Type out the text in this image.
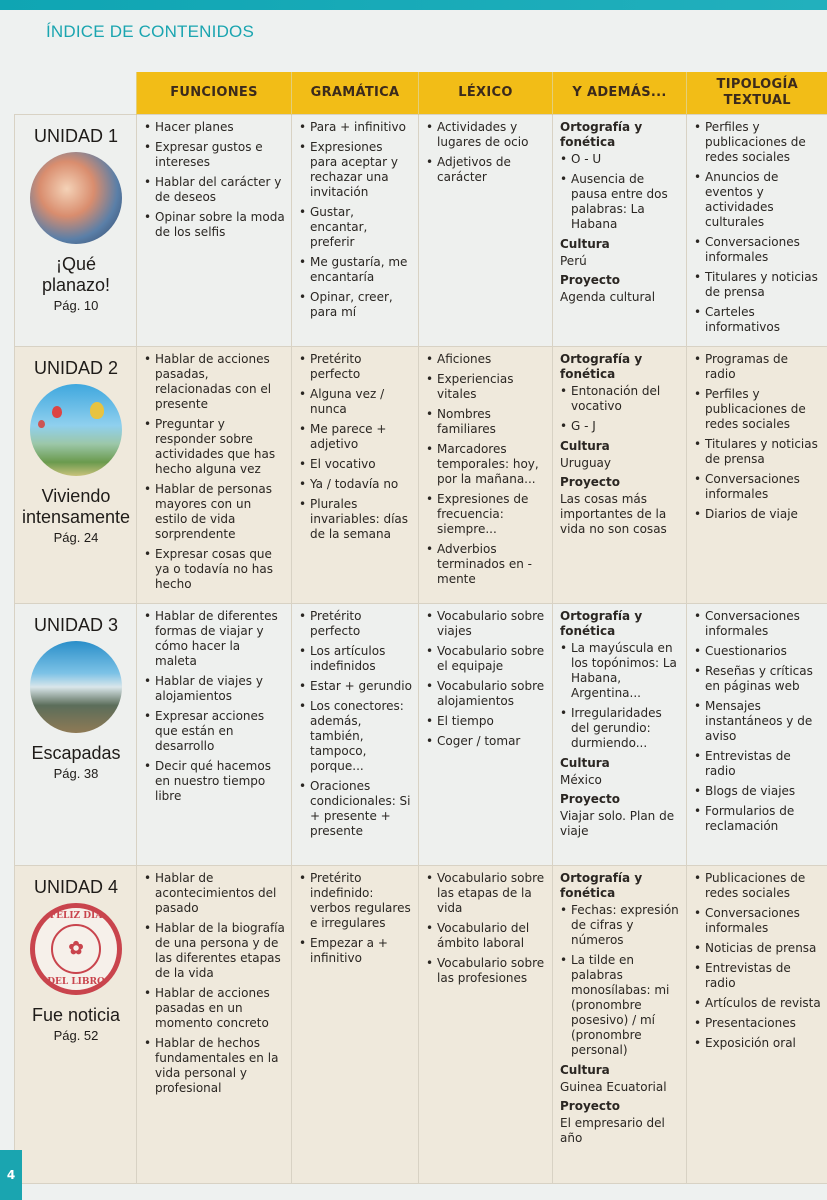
ÍNDICE DE CONTENIDOS
	FUNCIONES	GRAMÁTICA	LÉXICO	Y ADEMÁS...	TIPOLOGÍA TEXTUAL

UNIDAD 1
¡Qué planazo!
Pág. 10

• Hacer planes
• Expresar gustos e intereses
• Hablar del carácter y de deseos
• Opinar sobre la moda de los selfis

• Para + infinitivo
• Expresiones para aceptar y rechazar una invitación
• Gustar, encantar, preferir
• Me gustaría, me encantaría
• Opinar, creer, para mí

• Actividades y lugares de ocio
• Adjetivos de carácter

Ortografía y fonética
• O - U
• Ausencia de pausa entre dos palabras: La Habana
Cultura
Perú
Proyecto
Agenda cultural

• Perfiles y publicaciones de redes sociales
• Anuncios de eventos y actividades culturales
• Conversaciones informales
• Titulares y noticias de prensa
• Carteles informativos

UNIDAD 2
Viviendo intensamente
Pág. 24

• Hablar de acciones pasadas, relacionadas con el presente
• Preguntar y responder sobre actividades que has hecho alguna vez
• Hablar de personas mayores con un estilo de vida sorprendente
• Expresar cosas que ya o todavía no has hecho

• Pretérito perfecto
• Alguna vez / nunca
• Me parece + adjetivo
• El vocativo
• Ya / todavía no
• Plurales invariables: días de la semana

• Aficiones
• Experiencias vitales
• Nombres familiares
• Marcadores temporales: hoy, por la mañana...
• Expresiones de frecuencia: siempre...
• Adverbios terminados en -mente

Ortografía y fonética
• Entonación del vocativo
• G - J
Cultura
Uruguay
Proyecto
Las cosas más importantes de la vida no son cosas

• Programas de radio
• Perfiles y publicaciones de redes sociales
• Titulares y noticias de prensa
• Conversaciones informales
• Diarios de viaje

UNIDAD 3
Escapadas
Pág. 38

• Hablar de diferentes formas de viajar y cómo hacer la maleta
• Hablar de viajes y alojamientos
• Expresar acciones que están en desarrollo
• Decir qué hacemos en nuestro tiempo libre

• Pretérito perfecto
• Los artículos indefinidos
• Estar + gerundio
• Los conectores: además, también, tampoco, porque...
• Oraciones condicionales: Si + presente + presente

• Vocabulario sobre viajes
• Vocabulario sobre el equipaje
• Vocabulario sobre alojamientos
• El tiempo
• Coger / tomar

Ortografía y fonética
• La mayúscula en los topónimos: La Habana, Argentina...
• Irregularidades del gerundio: durmiendo...
Cultura
México
Proyecto
Viajar solo. Plan de viaje

• Conversaciones informales
• Cuestionarios
• Reseñas y críticas en páginas web
• Mensajes instantáneos y de aviso
• Entrevistas de radio
• Blogs de viajes
• Formularios de reclamación

UNIDAD 4
FELIZ DÍA
✿
DEL LIBRO
Fue noticia
Pág. 52

• Hablar de acontecimientos del pasado
• Hablar de la biografía de una persona y de las diferentes etapas de la vida
• Hablar de acciones pasadas en un momento concreto
• Hablar de hechos fundamentales en la vida personal y profesional

• Pretérito indefinido: verbos regulares e irregulares
• Empezar a + infinitivo

• Vocabulario sobre las etapas de la vida
• Vocabulario del ámbito laboral
• Vocabulario sobre las profesiones

Ortografía y fonética
• Fechas: expresión de cifras y números
• La tilde en palabras monosílabas: mi (pronombre posesivo) / mí (pronombre personal)
Cultura
Guinea Ecuatorial
Proyecto
El empresario del año

• Publicaciones de redes sociales
• Conversaciones informales
• Noticias de prensa
• Entrevistas de radio
• Artículos de revista
• Presentaciones
• Exposición oral
4
